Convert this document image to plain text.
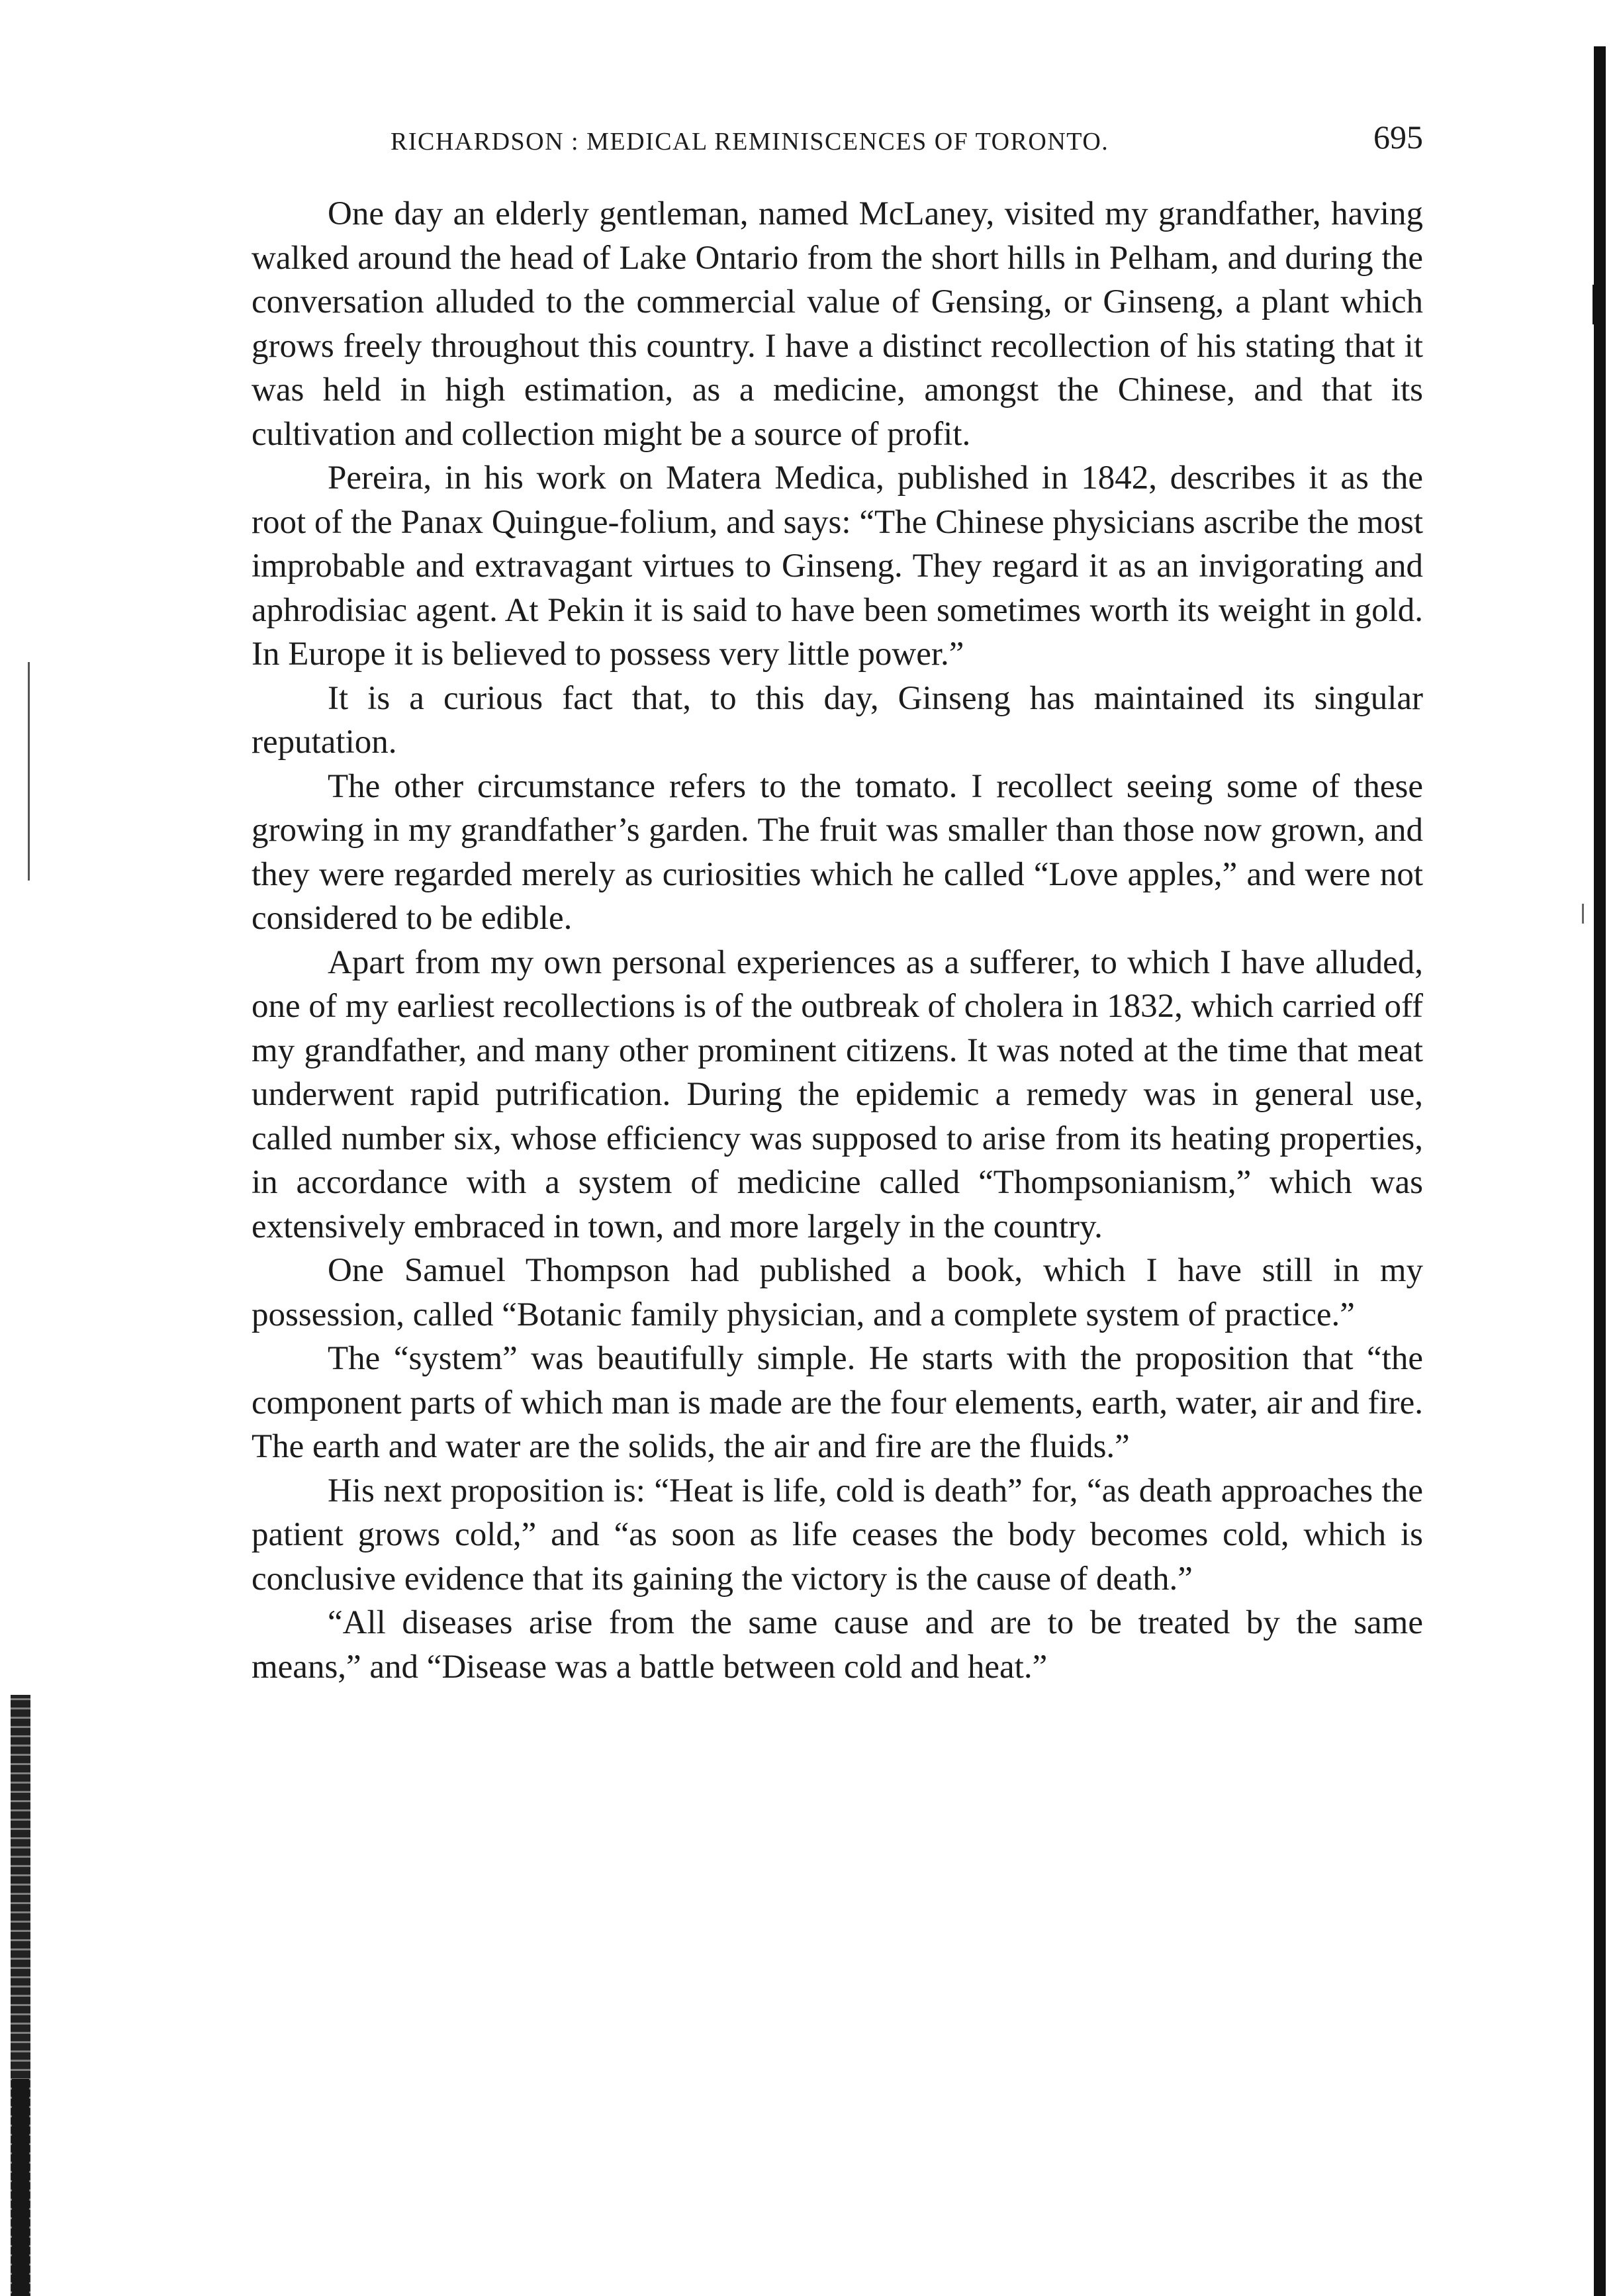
RICHARDSON : MEDICAL REMINISCENCES OF TORONTO.	695

One day an elderly gentleman, named McLaney, visited my grandfather, having walked around the head of Lake Ontario from the short hills in Pelham, and during the conversation alluded to the commercial value of Gensing, or Ginseng, a plant which grows freely throughout this country. I have a distinct recollection of his stating that it was held in high estimation, as a medicine, amongst the Chinese, and that its cultivation and collection might be a source of profit.

Pereira, in his work on Matera Medica, published in 1842, describes it as the root of the Panax Quingue-folium, and says: “The Chinese physicians ascribe the most improbable and extravagant virtues to Ginseng. They regard it as an invigorating and aphrodisiac agent. At Pekin it is said to have been sometimes worth its weight in gold. In Europe it is believed to possess very little power.”

It is a curious fact that, to this day, Ginseng has maintained its singular reputation.

The other circumstance refers to the tomato. I recollect seeing some of these growing in my grandfather’s garden. The fruit was smaller than those now grown, and they were regarded merely as curiosities which he called “Love apples,” and were not considered to be edible.

Apart from my own personal experiences as a sufferer, to which I have alluded, one of my earliest recollections is of the outbreak of cholera in 1832, which carried off my grandfather, and many other prominent citizens. It was noted at the time that meat underwent rapid putrification. During the epidemic a remedy was in general use, called number six, whose efficiency was supposed to arise from its heating properties, in accordance with a system of medicine called “Thompsonianism,” which was extensively embraced in town, and more largely in the country.

One Samuel Thompson had published a book, which I have still in my possession, called “Botanic family physician, and a complete system of practice.”

The “system” was beautifully simple. He starts with the proposition that “the component parts of which man is made are the four elements, earth, water, air and fire. The earth and water are the solids, the air and fire are the fluids.”

His next proposition is: “Heat is life, cold is death” for, “as death approaches the patient grows cold,” and “as soon as life ceases the body becomes cold, which is conclusive evidence that its gaining the victory is the cause of death.”

“All diseases arise from the same cause and are to be treated by the same means,” and “Disease was a battle between cold and heat.”
